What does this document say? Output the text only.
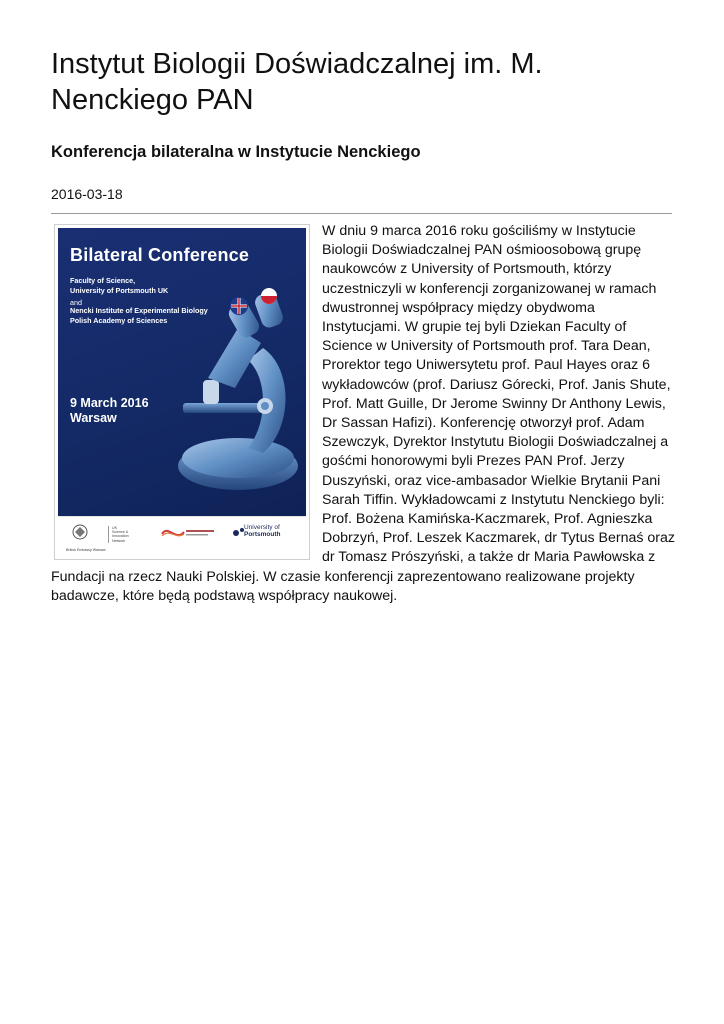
Instytut Biologii Doświadczalnej im. M.
Nenckiego PAN
Konferencja bilateralna w Instytucie Nenckiego
2016-03-18
Bilateral Conference
Faculty of Science,
University of Portsmouth UK
and
Nencki Institute of Experimental Biology
Polish Academy of Sciences
9 March 2016
Warsaw
British Embassy Warsaw
UK
Science &
Innovation
Network
University of
Portsmouth

W dniu 9 marca 2016 roku gościliśmy w Instytucie Biologii Doświadczalnej PAN ośmioosobową grupę naukowców z University of Portsmouth, którzy uczestniczyli w konferencji zorganizowanej w ramach dwustronnej współpracy między obydwoma Instytucjami. W grupie tej byli Dziekan Faculty of Science w University of Portsmouth prof. Tara Dean, Prorektor tego Uniwersytetu prof. Paul Hayes oraz 6 wykładowców (prof. Dariusz Górecki, Prof. Janis Shute, Prof. Matt Guille, Dr Jerome Swinny Dr Anthony Lewis, Dr Sassan Hafizi). Konferencję otworzył prof. Adam Szewczyk, Dyrektor Instytutu Biologii Doświadczalnej a gośćmi honorowymi byli Prezes PAN Prof. Jerzy Duszyński, oraz vice-ambasador Wielkie Brytanii Pani Sarah Tiffin. Wykładowcami z Instytutu Nenckiego byli: Prof. Bożena Kamińska-Kaczmarek, Prof. Agnieszka Dobrzyń, Prof. Leszek Kaczmarek, dr Tytus Bernaś oraz dr Tomasz Prószyński, a także dr Maria Pawłowska z Fundacji na rzecz Nauki Polskiej. W czasie konferencji zaprezentowano realizowane projekty badawcze, które będą podstawą współpracy naukowej.
